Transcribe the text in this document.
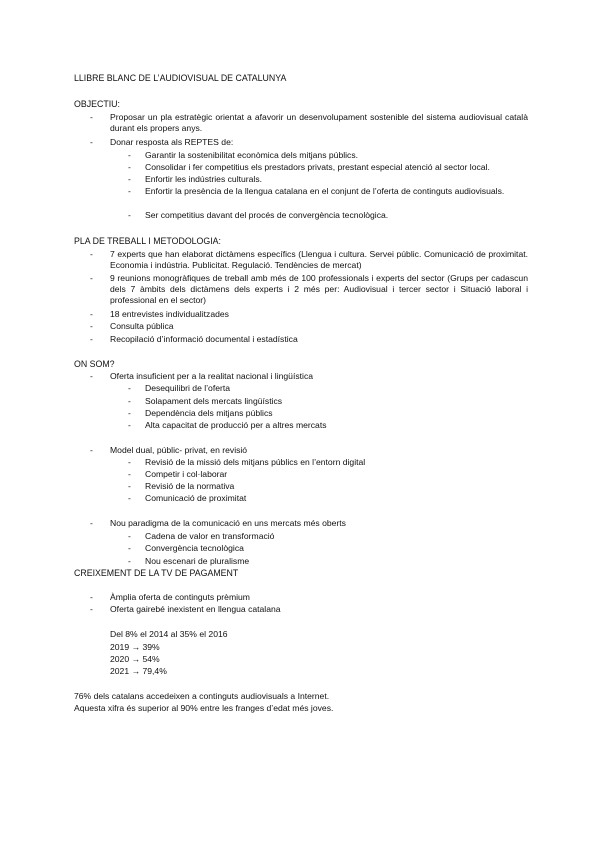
LLIBRE BLANC DE L’AUDIOVISUAL DE CATALUNYA
OBJECTIU:
- Proposar un pla estratègic orientat a afavorir un desenvolupament sostenible del sistema audiovisual català durant els propers anys.
- Donar resposta als REPTES de:
- Garantir la sostenibilitat econòmica dels mitjans públics.
- Consolidar i fer competitius els prestadors privats, prestant especial atenció al sector local.
- Enfortir les indústries culturals.
- Enfortir la presència de la llengua catalana en el conjunt de l’oferta de continguts audiovisuals.
- Ser competitius davant del procés de convergència tecnològica.
PLA DE TREBALL I METODOLOGIA:
- 7 experts que han elaborat dictàmens específics (Llengua i cultura. Servei públic. Comunicació de proximitat. Economia i indústria. Publicitat. Regulació. Tendències de mercat)
- 9 reunions monogràfiques de treball amb més de 100 professionals i experts del sector (Grups per cadascun dels 7 àmbits dels dictàmens dels experts i 2 més per: Audiovisual i tercer sector i Situació laboral i professional en el sector)
- 18 entrevistes individualitzades
- Consulta pública
- Recopilació d’informació documental i estadística
ON SOM?
- Oferta insuficient per a la realitat nacional i lingüística
- Desequilibri de l’oferta
- Solapament dels mercats lingüístics
- Dependència dels mitjans públics
- Alta capacitat de producció per a altres mercats
- Model dual, públic- privat, en revisió
- Revisió de la missió dels mitjans públics en l’entorn digital
- Competir i col·laborar
- Revisió de la normativa
- Comunicació de proximitat
- Nou paradigma de la comunicació en uns mercats més oberts
- Cadena de valor en transformació
- Convergència tecnològica
- Nou escenari de pluralisme
CREIXEMENT DE LA TV DE PAGAMENT
- Àmplia oferta de continguts prèmium
- Oferta gairebé inexistent en llengua catalana
Del 8% el 2014 al 35% el 2016
2019 → 39%
2020 → 54%
2021 → 79,4%
76% dels catalans accedeixen a continguts audiovisuals a Internet.
Aquesta xifra és superior al 90% entre les franges d’edat més joves.
